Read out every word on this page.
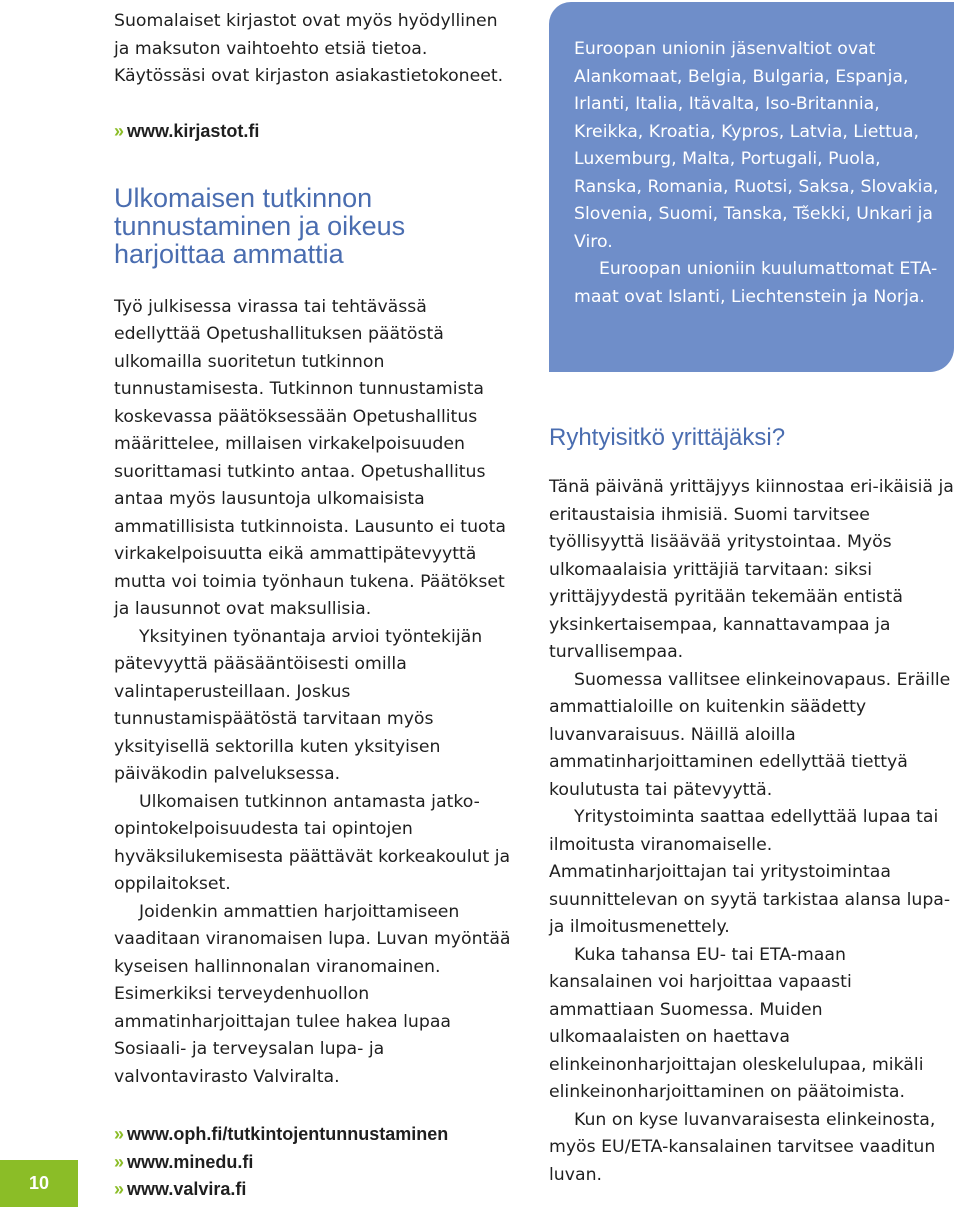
Suomalaiset kirjastot ovat myös hyödyllinen ja maksuton vaihtoehto etsiä tietoa. Käytössäsi ovat kirjaston asiakastietokoneet.

›› www.kirjastot.fi
Ulkomaisen tutkinnon tunnustaminen ja oikeus harjoittaa ammattia

Työ julkisessa virassa tai tehtävässä edellyttää Opetushallituksen päätöstä ulkomailla suoritetun tutkinnon tunnustamisesta. Tutkinnon tunnustamista koskevassa päätöksessään Opetushallitus määrittelee, millaisen virkakelpoisuuden suorittamasi tutkinto antaa. Opetushallitus antaa myös lausuntoja ulkomaisista ammatillisista tutkinnoista. Lausunto ei tuota virkakelpoisuutta eikä ammattipätevyyttä mutta voi toimia työnhaun tukena. Päätökset ja lausunnot ovat maksullisia.

Yksityinen työnantaja arvioi työntekijän pätevyyttä pääsääntöisesti omilla valintaperusteillaan. Joskus tunnustamispäätöstä tarvitaan myös yksityisellä sektorilla kuten yksityisen päiväkodin palveluksessa.

Ulkomaisen tutkinnon antamasta jatko-opintokelpoisuudesta tai opintojen hyväksilukemisesta päättävät korkeakoulut ja oppilaitokset.

Joidenkin ammattien harjoittamiseen vaaditaan viranomaisen lupa. Luvan myöntää kyseisen hallinnonalan viranomainen. Esimerkiksi terveydenhuollon ammatinharjoittajan tulee hakea lupaa Sosiaali- ja terveysalan lupa- ja valvontavirasto Valviralta.

›› www.oph.fi/tutkintojentunnustaminen
›› www.minedu.fi
›› www.valvira.fi

Euroopan unionin jäsenvaltiot ovat Alankomaat, Belgia, Bulgaria, Espanja, Irlanti, Italia, Itävalta, Iso-Britannia, Kreikka, Kroatia, Kypros, Latvia, Liettua, Luxemburg, Malta, Portugali, Puola, Ranska, Romania, Ruotsi, Saksa, Slovakia, Slovenia, Suomi, Tanska, Tšekki, Unkari ja Viro.

Euroopan unioniin kuulumattomat ETA-maat ovat Islanti, Liechtenstein ja Norja.

Ryhtyisitkö yrittäjäksi?

Tänä päivänä yrittäjyys kiinnostaa eri-ikäisiä ja eritaustaisia ihmisiä. Suomi tarvitsee työllisyyttä lisäävää yritystointaa. Myös ulkomaalaisia yrittäjiä tarvitaan: siksi yrittäjyydestä pyritään tekemään entistä yksinkertaisempaa, kannattavampaa ja turvallisempaa.

Suomessa vallitsee elinkeinovapaus. Eräille ammattialoille on kuitenkin säädetty luvanvaraisuus. Näillä aloilla ammatinharjoittaminen edellyttää tiettyä koulutusta tai pätevyyttä.

Yritystoiminta saattaa edellyttää lupaa tai ilmoitusta viranomaiselle. Ammatinharjoittajan tai yritystoimintaa suunnittelevan on syytä tarkistaa alansa lupa- ja ilmoitusmenettely.

Kuka tahansa EU- tai ETA-maan kansalainen voi harjoittaa vapaasti ammattiaan Suomessa. Muiden ulkomaalaisten on haettava elinkeinonharjoittajan oleskelulupaa, mikäli elinkeinonharjoittaminen on päätoimista.

Kun on kyse luvanvaraisesta elinkeinosta, myös EU/ETA-kansalainen tarvitsee vaaditun luvan.

10
